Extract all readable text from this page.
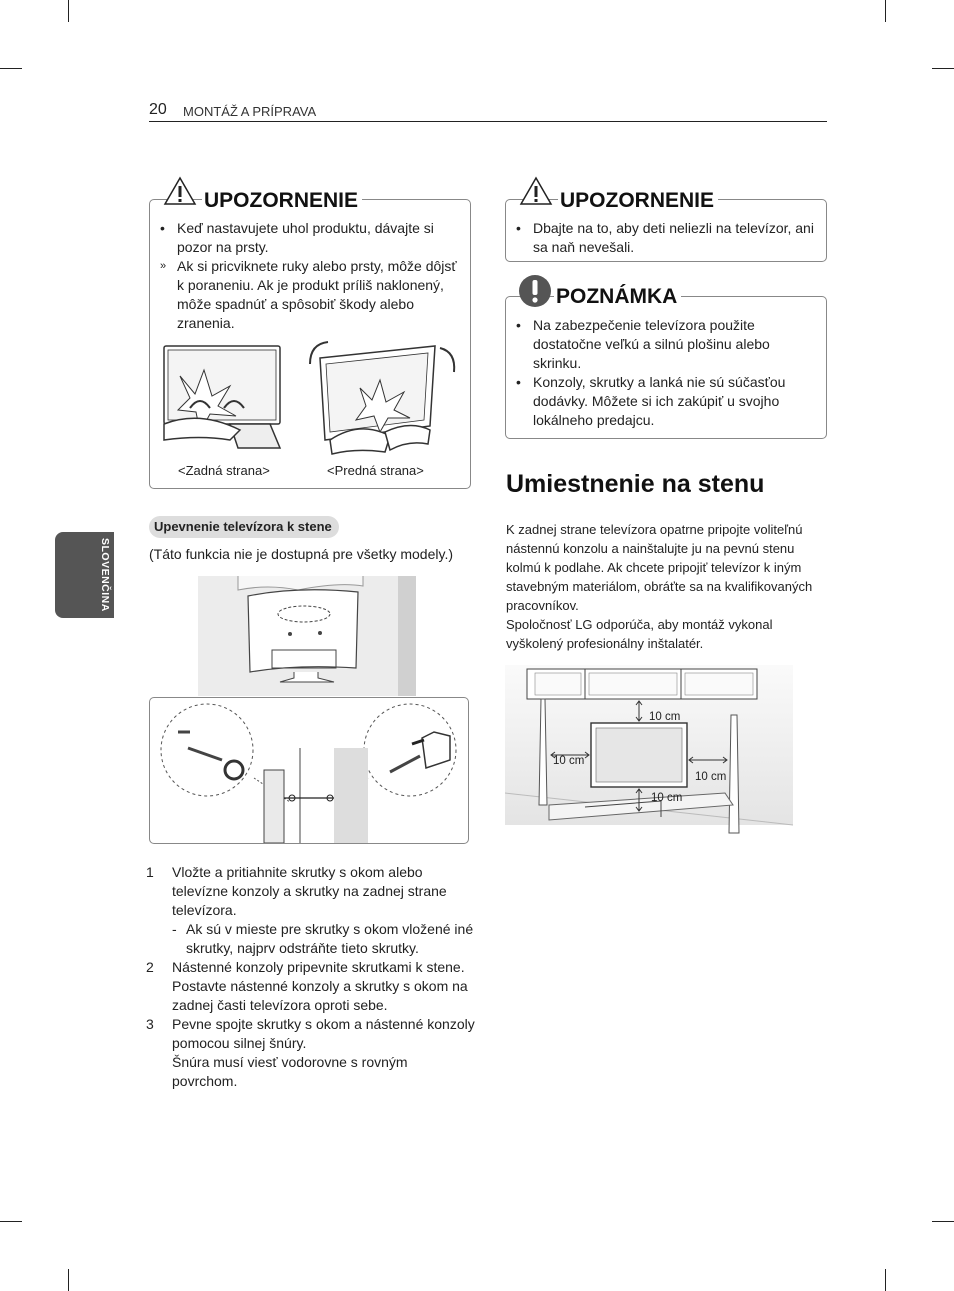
20 MONTÁŽ A PRÍPRAVA
SLOVENČINA
• Keď nastavujete uhol produktu, dávajte si pozor na prsty.
» Ak si pricviknete ruky alebo prsty, môže dôjsť k poraneniu. Ak je produkt príliš naklonený, môže spadnúť a spôsobiť škody alebo zranenia.
<Zadná strana>	<Predná strana>
UPOZORNENIE
Upevnenie televízora k stene
(Táto funkcia nie je dostupná pre všetky modely.)
1 Vložte a pritiahnite skrutky s okom alebo televízne konzoly a skrutky na zadnej strane televízora.
- Ak sú v mieste pre skrutky s okom vložené iné skrutky, najprv odstráňte tieto skrutky.
2 Nástenné konzoly pripevnite skrutkami k stene. Postavte nástenné konzoly a skrutky s okom na zadnej časti televízora oproti sebe.
3 Pevne spojte skrutky s okom a nástenné konzoly pomocou silnej šnúry.
Šnúra musí viesť vodorovne s rovným povrchom.
• Dbajte na to, aby deti neliezli na televízor, ani sa naň nevešali.
UPOZORNENIE
• Na zabezpečenie televízora použite dostatočne veľkú a silnú plošinu alebo skrinku.
• Konzoly, skrutky a lanká nie sú súčasťou dodávky. Môžete si ich zakúpiť u svojho lokálneho predajcu.
POZNÁMKA
Umiestnenie na stenu
K zadnej strane televízora opatrne pripojte voliteľnú nástennú konzolu a nainštalujte ju na pevnú stenu kolmú k podlahe. Ak chcete pripojiť televízor k iným stavebným materiálom, obráťte sa na kvalifikovaných pracovníkov.
Spoločnosť LG odporúča, aby montáž vykonal vyškolený profesionálny inštalatér.
10 cm
10 cm
10 cm
10 cm
